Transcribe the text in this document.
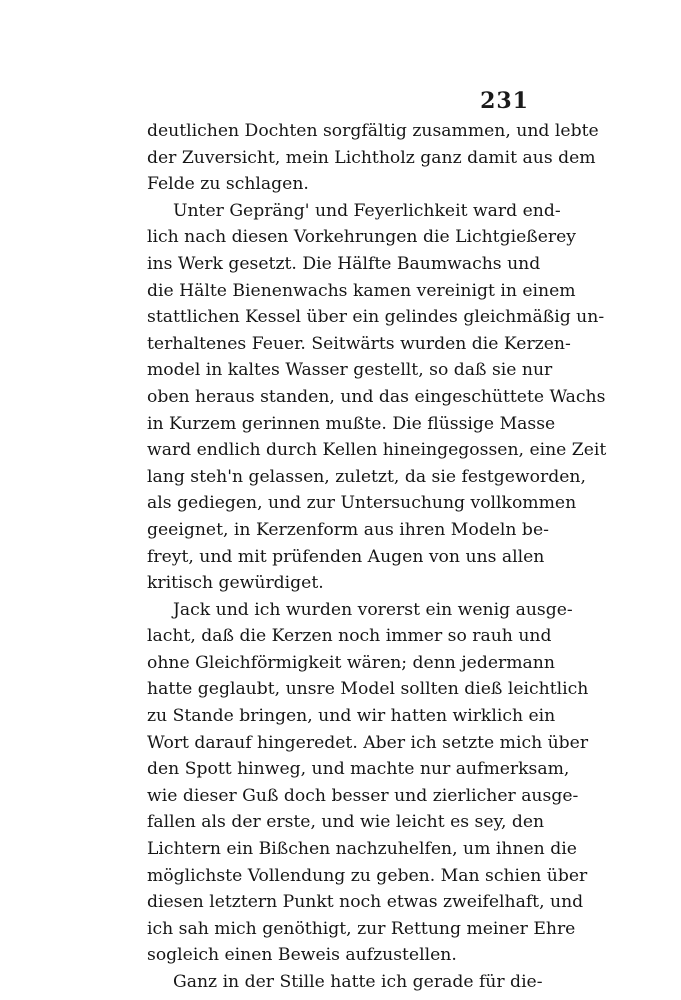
231
deutlichen Dochten sorgfältig zusammen, und lebte
der Zuversicht, mein Lichtholz ganz damit aus dem
Felde zu schlagen.
Unter Gepräng' und Feyerlichkeit ward end-
lich nach diesen Vorkehrungen die Lichtgießerey
ins Werk gesetzt. Die Hälfte Baumwachs und
die Hälte Bienenwachs kamen vereinigt in einem
stattlichen Kessel über ein gelindes gleichmäßig un-
terhaltenes Feuer. Seitwärts wurden die Kerzen-
model in kaltes Wasser gestellt, so daß sie nur
oben heraus standen, und das eingeschüttete Wachs
in Kurzem gerinnen mußte. Die flüssige Masse
ward endlich durch Kellen hineingegossen, eine Zeit
lang steh'n gelassen, zuletzt, da sie festgeworden,
als gediegen, und zur Untersuchung vollkommen
geeignet, in Kerzenform aus ihren Modeln be-
freyt, und mit prüfenden Augen von uns allen
kritisch gewürdiget.
Jack und ich wurden vorerst ein wenig ausge-
lacht, daß die Kerzen noch immer so rauh und
ohne Gleichförmigkeit wären; denn jedermann
hatte geglaubt, unsre Model sollten dieß leichtlich
zu Stande bringen, und wir hatten wirklich ein
Wort darauf hingeredet. Aber ich setzte mich über
den Spott hinweg, und machte nur aufmerksam,
wie dieser Guß doch besser und zierlicher ausge-
fallen als der erste, und wie leicht es sey, den
Lichtern ein Bißchen nachzuhelfen, um ihnen die
möglichste Vollendung zu geben. Man schien über
diesen letztern Punkt noch etwas zweifelhaft, und
ich sah mich genöthigt, zur Rettung meiner Ehre
sogleich einen Beweis aufzustellen.
Ganz in der Stille hatte ich gerade für die-
